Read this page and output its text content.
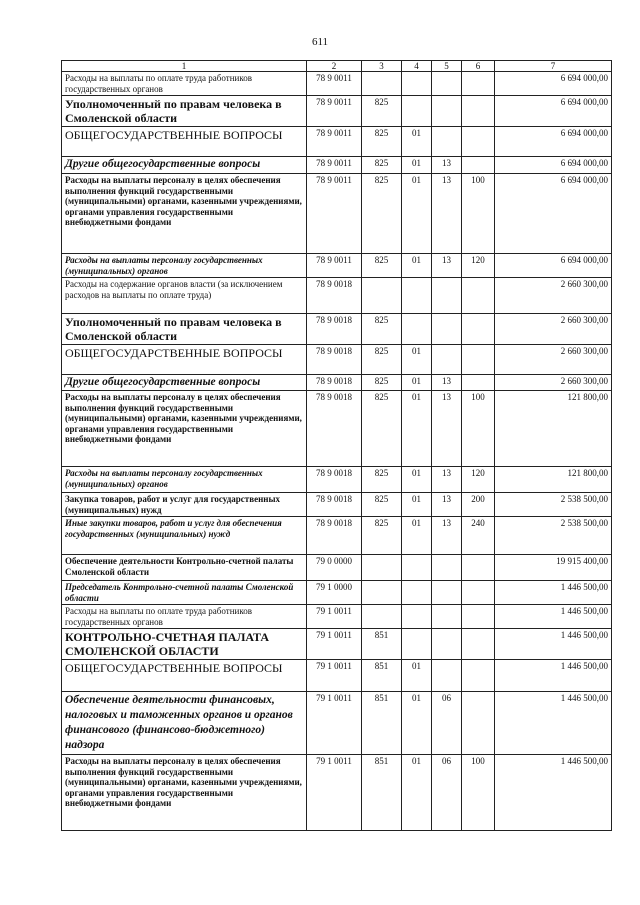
611
1	2	3	4	5	6	7
Расходы на выплаты по оплате труда работников государственных органов	78 9 0011					6 694 000,00
Уполномоченный по правам человека в Смоленской области	78 9 0011	825				6 694 000,00
ОБЩЕГОСУДАРСТВЕННЫЕ ВОПРОСЫ	78 9 0011	825	01			6 694 000,00
Другие общегосударственные вопросы	78 9 0011	825	01	13		6 694 000,00
Расходы на выплаты персоналу в целях обеспечения выполнения функций государственными (муниципальными) органами, казенными учреждениями, органами управления государственными внебюджетными фондами	78 9 0011	825	01	13	100	6 694 000,00
Расходы на выплаты персоналу государственных (муниципальных) органов	78 9 0011	825	01	13	120	6 694 000,00
Расходы на содержание органов власти (за исключением расходов на выплаты по оплате труда)	78 9 0018					2 660 300,00
Уполномоченный по правам человека в Смоленской области	78 9 0018	825				2 660 300,00
ОБЩЕГОСУДАРСТВЕННЫЕ ВОПРОСЫ	78 9 0018	825	01			2 660 300,00
Другие общегосударственные вопросы	78 9 0018	825	01	13		2 660 300,00
Расходы на выплаты персоналу в целях обеспечения выполнения функций государственными (муниципальными) органами, казенными учреждениями, органами управления государственными внебюджетными фондами	78 9 0018	825	01	13	100	121 800,00
Расходы на выплаты персоналу государственных (муниципальных) органов	78 9 0018	825	01	13	120	121 800,00
Закупка товаров, работ и услуг для государственных (муниципальных) нужд	78 9 0018	825	01	13	200	2 538 500,00
Иные закупки товаров, работ и услуг для обеспечения государственных (муниципальных) нужд	78 9 0018	825	01	13	240	2 538 500,00
Обеспечение деятельности Контрольно-счетной палаты Смоленской области	79 0 0000					19 915 400,00
Председатель Контрольно-счетной палаты Смоленской области	79 1 0000					1 446 500,00
Расходы на выплаты по оплате труда работников государственных органов	79 1 0011					1 446 500,00
КОНТРОЛЬНО-СЧЕТНАЯ ПАЛАТА СМОЛЕНСКОЙ ОБЛАСТИ	79 1 0011	851				1 446 500,00
ОБЩЕГОСУДАРСТВЕННЫЕ ВОПРОСЫ	79 1 0011	851	01			1 446 500,00
Обеспечение деятельности финансовых, налоговых и таможенных органов и органов финансового (финансово-бюджетного) надзора	79 1 0011	851	01	06		1 446 500,00
Расходы на выплаты персоналу в целях обеспечения выполнения функций государственными (муниципальными) органами, казенными учреждениями, органами управления государственными внебюджетными фондами	79 1 0011	851	01	06	100	1 446 500,00
